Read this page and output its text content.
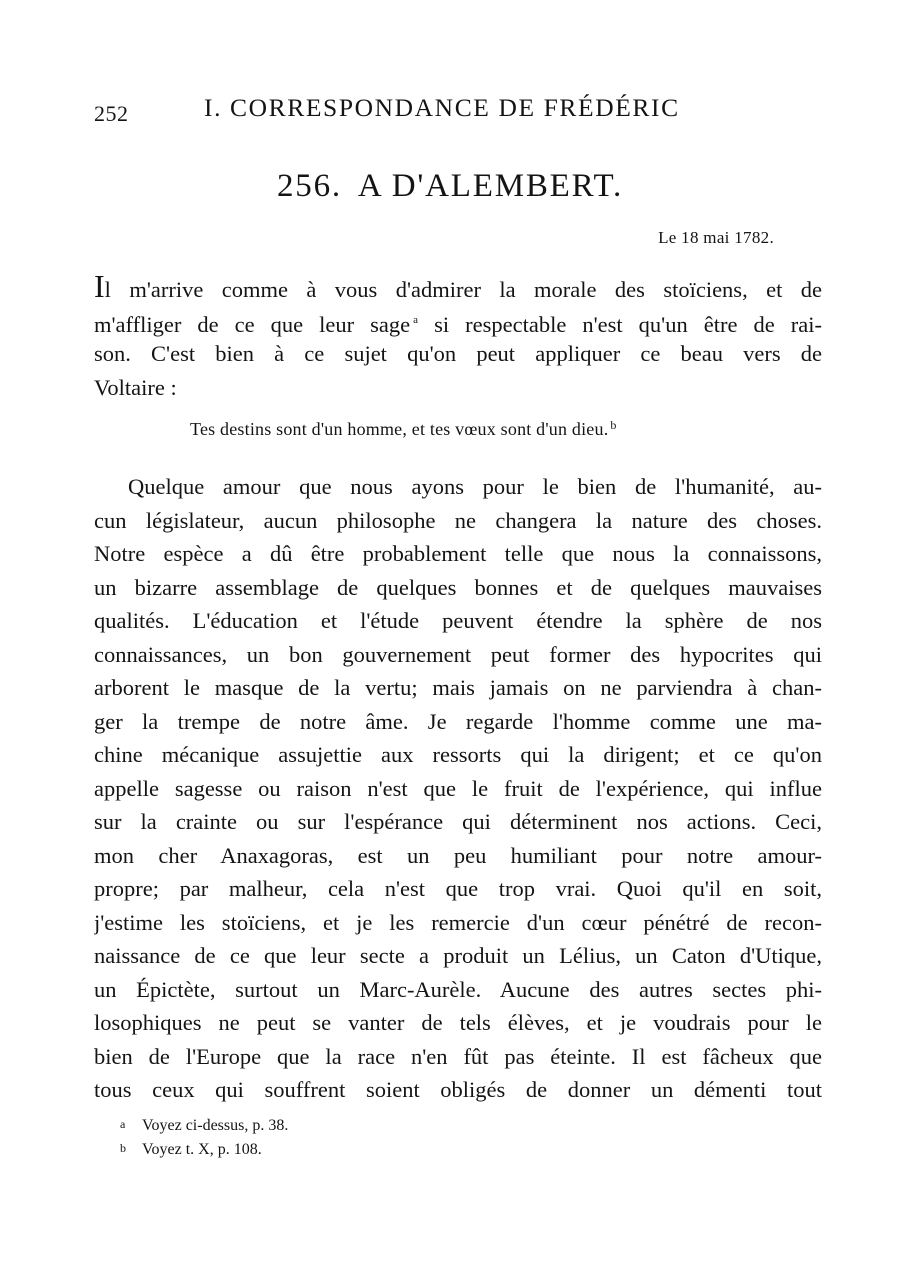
252	I. CORRESPONDANCE DE FRÉDÉRIC
256. A D'ALEMBERT.
Le 18 mai 1782.
Il m'arrive comme à vous d'admirer la morale des stoïciens, et de
m'affliger de ce que leur sage $^a$ si respectable n'est qu'un être de rai-
son. C'est bien à ce sujet qu'on peut appliquer ce beau vers de
Voltaire :
Tes destins sont d'un homme, et tes vœux sont d'un dieu. $^b$
Quelque amour que nous ayons pour le bien de l'humanité, au-
cun législateur, aucun philosophe ne changera la nature des choses.
Notre espèce a dû être probablement telle que nous la connaissons,
un bizarre assemblage de quelques bonnes et de quelques mauvaises
qualités. L'éducation et l'étude peuvent étendre la sphère de nos
connaissances, un bon gouvernement peut former des hypocrites qui
arborent le masque de la vertu; mais jamais on ne parviendra à chan-
ger la trempe de notre âme. Je regarde l'homme comme une ma-
chine mécanique assujettie aux ressorts qui la dirigent; et ce qu'on
appelle sagesse ou raison n'est que le fruit de l'expérience, qui influe
sur la crainte ou sur l'espérance qui déterminent nos actions. Ceci,
mon cher Anaxagoras, est un peu humiliant pour notre amour-
propre; par malheur, cela n'est que trop vrai. Quoi qu'il en soit,
j'estime les stoïciens, et je les remercie d'un cœur pénétré de recon-
naissance de ce que leur secte a produit un Lélius, un Caton d'Utique,
un Épictète, surtout un Marc-Aurèle. Aucune des autres sectes phi-
losophiques ne peut se vanter de tels élèves, et je voudrais pour le
bien de l'Europe que la race n'en fût pas éteinte. Il est fâcheux que
tous ceux qui souffrent soient obligés de donner un démenti tout
a Voyez ci-dessus, p. 38.
b Voyez t. X, p. 108.
